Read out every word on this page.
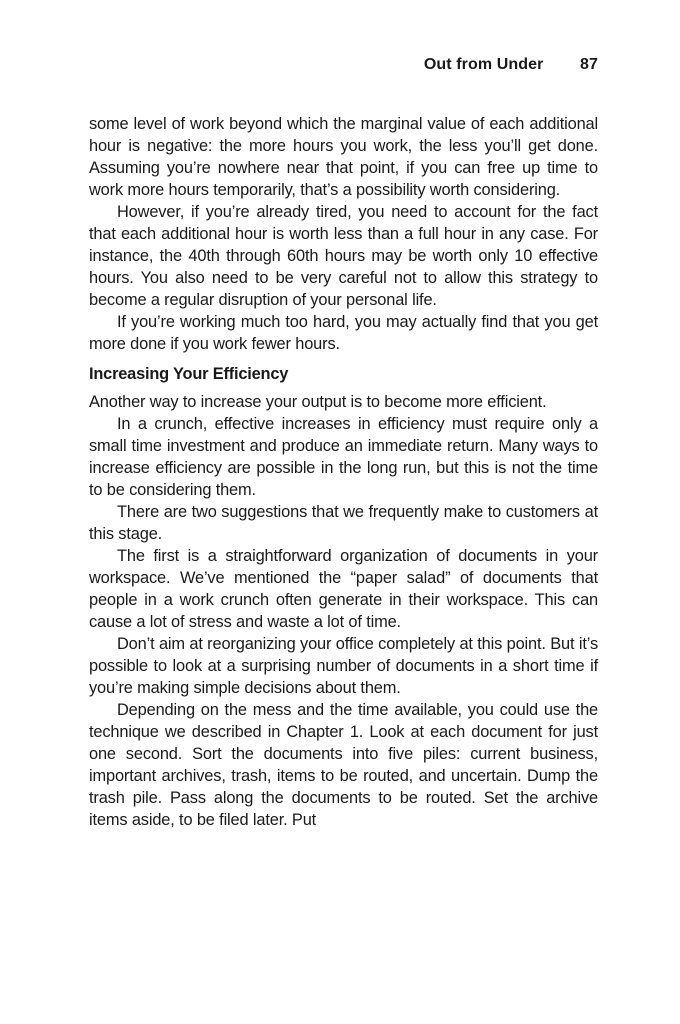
Out from Under 87

some level of work beyond which the marginal value of each additional hour is negative: the more hours you work, the less you’ll get done. Assuming you’re nowhere near that point, if you can free up time to work more hours temporarily, that’s a possibility worth considering.

However, if you’re already tired, you need to account for the fact that each additional hour is worth less than a full hour in any case. For instance, the 40th through 60th hours may be worth only 10 effective hours. You also need to be very careful not to allow this strategy to become a regular disruption of your personal life.

If you’re working much too hard, you may actually find that you get more done if you work fewer hours.

Increasing Your Efficiency

Another way to increase your output is to become more efficient.

In a crunch, effective increases in efficiency must require only a small time investment and produce an immediate return. Many ways to increase efficiency are possible in the long run, but this is not the time to be considering them.

There are two suggestions that we frequently make to customers at this stage.

The first is a straightforward organization of documents in your workspace. We’ve mentioned the “paper salad” of documents that people in a work crunch often generate in their workspace. This can cause a lot of stress and waste a lot of time.

Don’t aim at reorganizing your office completely at this point. But it’s possible to look at a surprising number of documents in a short time if you’re making simple decisions about them.

Depending on the mess and the time available, you could use the technique we described in Chapter 1. Look at each document for just one second. Sort the documents into five piles: current business, important archives, trash, items to be routed, and uncertain. Dump the trash pile. Pass along the documents to be routed. Set the archive items aside, to be filed later. Put
